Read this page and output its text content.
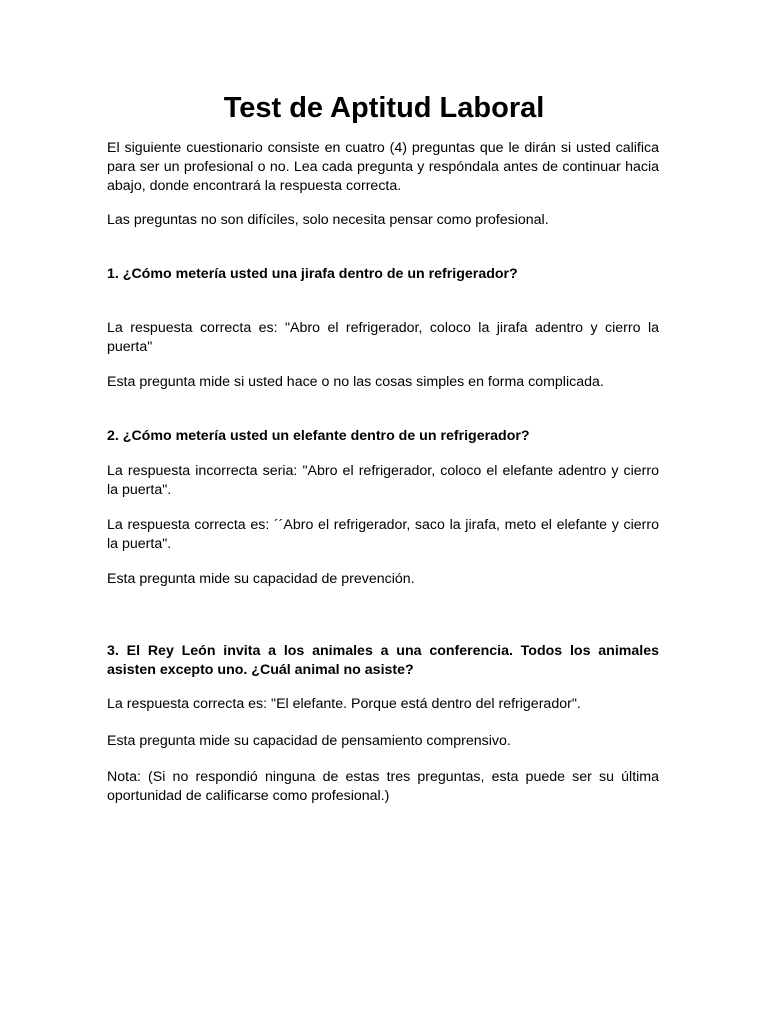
Test de Aptitud Laboral

El siguiente cuestionario consiste en cuatro (4) preguntas que le dirán si usted califica para ser un profesional o no. Lea cada pregunta y respóndala antes de continuar hacia abajo, donde encontrará la respuesta correcta.

Las preguntas no son difíciles, solo necesita pensar como profesional.

1. ¿Cómo metería usted una jirafa dentro de un refrigerador?

La respuesta correcta es: "Abro el refrigerador, coloco la jirafa adentro y cierro la puerta"

Esta pregunta mide si usted hace o no las cosas simples en forma complicada.

2. ¿Cómo metería usted un elefante dentro de un refrigerador?

La respuesta incorrecta seria: "Abro el refrigerador, coloco el elefante adentro y cierro la puerta".

La respuesta correcta es: ´´Abro el refrigerador, saco la jirafa, meto el elefante y cierro la puerta".

Esta pregunta mide su capacidad de prevención.

3. El Rey León invita a los animales a una conferencia. Todos los animales asisten excepto uno. ¿Cuál animal no asiste?

La respuesta correcta es: "El elefante. Porque está dentro del refrigerador".

Esta pregunta mide su capacidad de pensamiento comprensivo.

Nota: (Si no respondió ninguna de estas tres preguntas, esta puede ser su última oportunidad de calificarse como profesional.)
